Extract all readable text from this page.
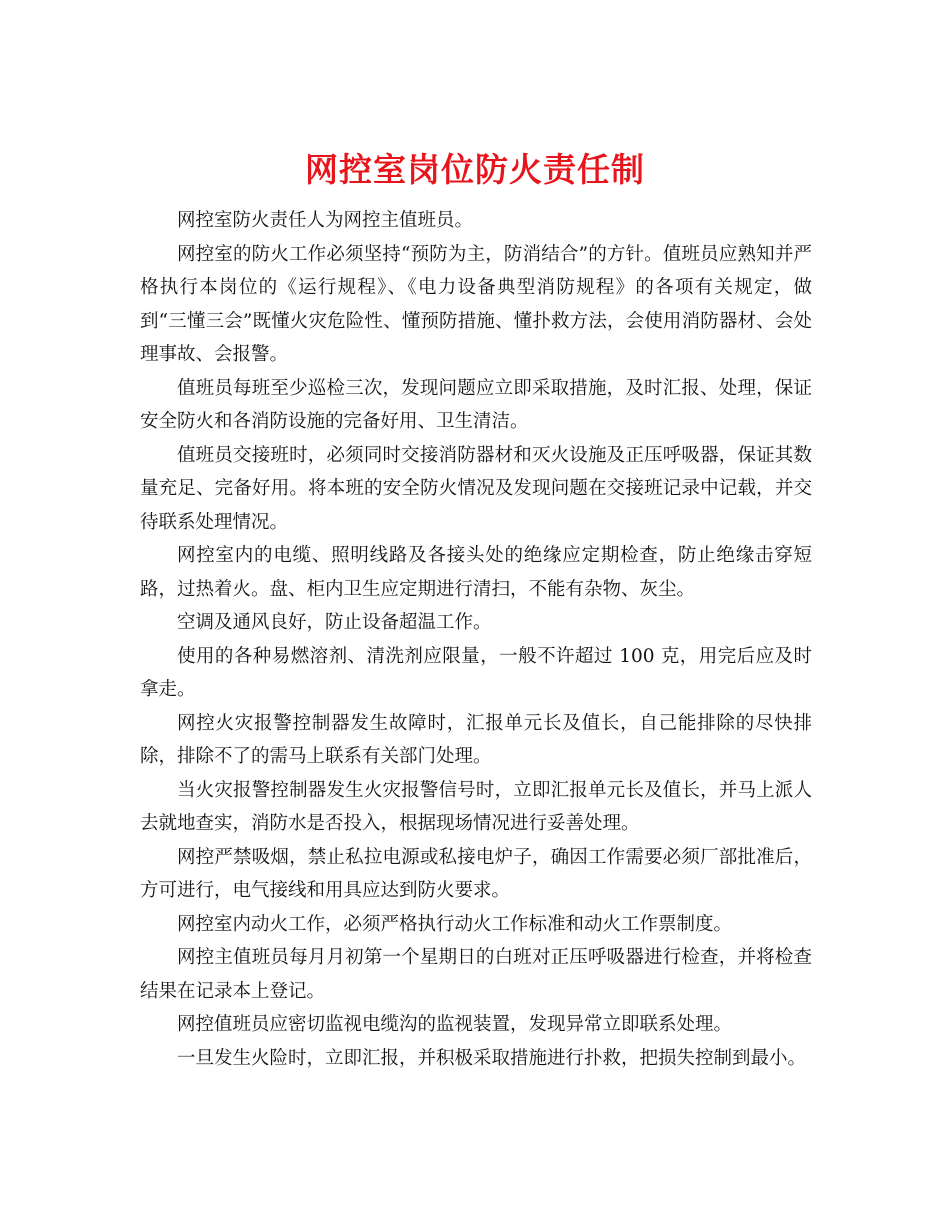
网控室岗位防火责任制

网控室防火责任人为网控主值班员。

网控室的防火工作必须坚持“预防为主，防消结合”的方针。值班员应熟知并严格执行本岗位的《运行规程》、《电力设备典型消防规程》的各项有关规定，做到“三懂三会”既懂火灾危险性、懂预防措施、懂扑救方法，会使用消防器材、会处理事故、会报警。

值班员每班至少巡检三次，发现问题应立即采取措施，及时汇报、处理，保证安全防火和各消防设施的完备好用、卫生清洁。

值班员交接班时，必须同时交接消防器材和灭火设施及正压呼吸器，保证其数量充足、完备好用。将本班的安全防火情况及发现问题在交接班记录中记载，并交待联系处理情况。

网控室内的电缆、照明线路及各接头处的绝缘应定期检查，防止绝缘击穿短路，过热着火。盘、柜内卫生应定期进行清扫，不能有杂物、灰尘。

空调及通风良好，防止设备超温工作。

使用的各种易燃溶剂、清洗剂应限量，一般不许超过 100 克，用完后应及时拿走。

网控火灾报警控制器发生故障时，汇报单元长及值长，自己能排除的尽快排除，排除不了的需马上联系有关部门处理。

当火灾报警控制器发生火灾报警信号时，立即汇报单元长及值长，并马上派人去就地查实，消防水是否投入，根据现场情况进行妥善处理。

网控严禁吸烟，禁止私拉电源或私接电炉子，确因工作需要必须厂部批准后，方可进行，电气接线和用具应达到防火要求。

网控室内动火工作，必须严格执行动火工作标准和动火工作票制度。

网控主值班员每月月初第一个星期日的白班对正压呼吸器进行检查，并将检查结果在记录本上登记。

网控值班员应密切监视电缆沟的监视装置，发现异常立即联系处理。

一旦发生火险时，立即汇报，并积极采取措施进行扑救，把损失控制到最小。
